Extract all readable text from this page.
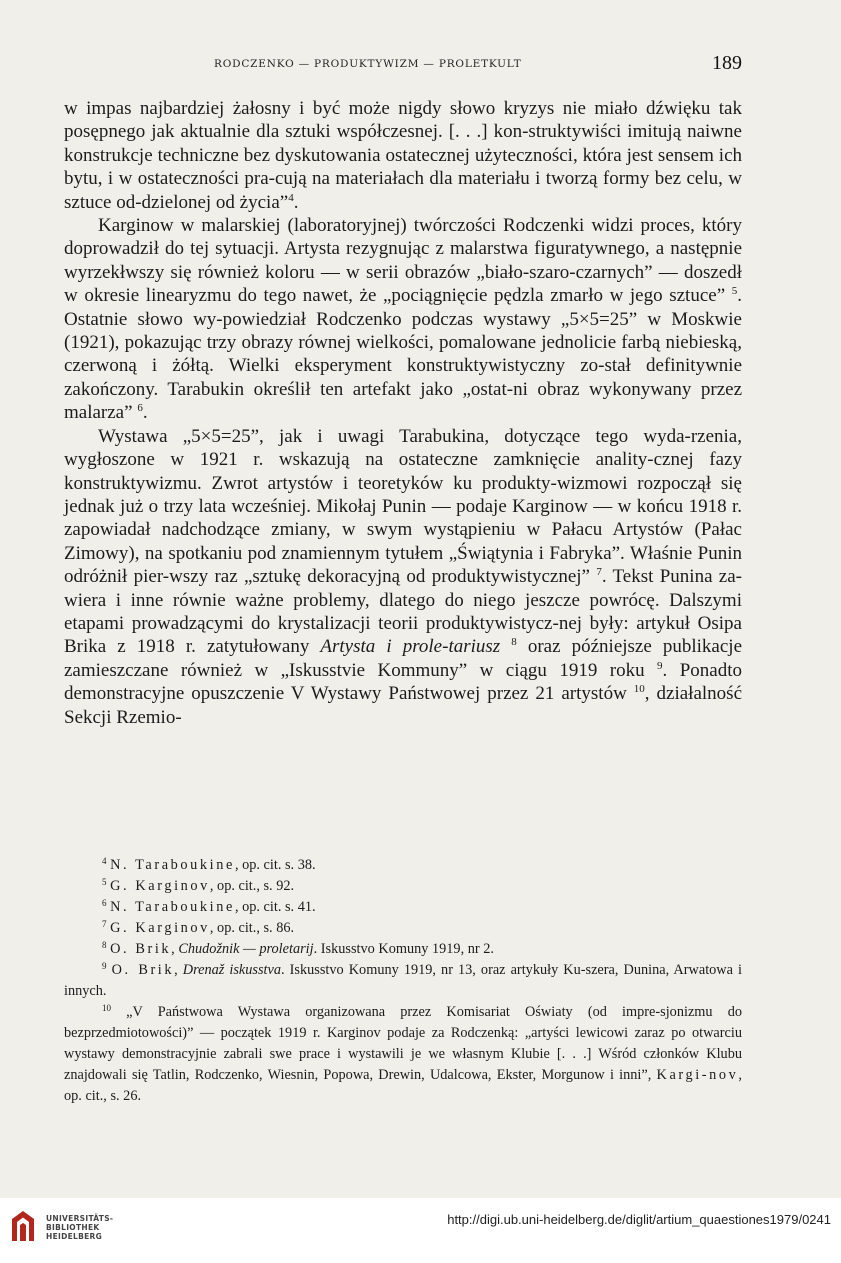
RODCZENKO — PRODUKTYWIZM — PROLETKULT	189

w impas najbardziej żałosny i być może nigdy słowo kryzys nie miało dźwięku tak posępnego jak aktualnie dla sztuki współczesnej. [. . .] kon-struktywiści imitują naiwne konstrukcje techniczne bez dyskutowania ostatecznej użyteczności, która jest sensem ich bytu, i w ostateczności pra-cują na materiałach dla materiału i tworzą formy bez celu, w sztuce od-dzielonej od życia”$^4$.

Karginow w malarskiej (laboratoryjnej) twórczości Rodczenki widzi proces, który doprowadził do tej sytuacji. Artysta rezygnując z malarstwa figuratywnego, a następnie wyrzekłwszy się również koloru — w serii obrazów „biało-szaro-czarnych” — doszedł w okresie linearyzmu do tego nawet, że „pociągnięcie pędzla zmarło w jego sztuce” $^5$. Ostatnie słowo wy-powiedział Rodczenko podczas wystawy „5×5=25” w Moskwie (1921), pokazując trzy obrazy równej wielkości, pomalowane jednolicie farbą niebieską, czerwoną i żółtą. Wielki eksperyment konstruktywistyczny zo-stał definitywnie zakończony. Tarabukin określił ten artefakt jako „ostat-ni obraz wykonywany przez malarza” $^6$.

Wystawa „5×5=25”, jak i uwagi Tarabukina, dotyczące tego wyda-rzenia, wygłoszone w 1921 r. wskazują na ostateczne zamknięcie anality-cznej fazy konstruktywizmu. Zwrot artystów i teoretyków ku produkty-wizmowi rozpoczął się jednak już o trzy lata wcześniej. Mikołaj Punin — podaje Karginow — w końcu 1918 r. zapowiadał nadchodzące zmiany, w swym wystąpieniu w Pałacu Artystów (Pałac Zimowy), na spotkaniu pod znamiennym tytułem „Świątynia i Fabryka”. Właśnie Punin odróżnił pier-wszy raz „sztukę dekoracyjną od produktywistycznej” $^7$. Tekst Punina za-wiera i inne równie ważne problemy, dlatego do niego jeszcze powrócę. Dalszymi etapami prowadzącymi do krystalizacji teorii produktywistycz-nej były: artykuł Osipa Brika z 1918 r. zatytułowany Artysta i prole-tariusz $^8$ oraz późniejsze publikacje zamieszczane również w „Iskusstvie Kommuny” w ciągu 1919 roku $^9$. Ponadto demonstracyjne opuszczenie V Wystawy Państwowej przez 21 artystów $^{10}$, działalność Sekcji Rzemio-

$^4$ N. Taraboukine, op. cit. s. 38.

$^5$ G. Karginov, op. cit., s. 92.

$^6$ N. Taraboukine, op. cit. s. 41.

$^7$ G. Karginov, op. cit., s. 86.

$^8$ O. Brik, Chudožnik — proletarij. Iskusstvo Komuny 1919, nr 2.

$^9$ O. Brik, Drenaž iskusstva. Iskusstvo Komuny 1919, nr 13, oraz artykuły Ku-szera, Dunina, Arwatowa i innych.

$^{10}$ „V Państwowa Wystawa organizowana przez Komisariat Oświaty (od impre-sjonizmu do bezprzedmiotowości)” — początek 1919 r. Karginov podaje za Rodczenką: „artyści lewicowi zaraz po otwarciu wystawy demonstracyjnie zabrali swe prace i wystawili je we własnym Klubie [. . .] Wśród członków Klubu znajdowali się Tatlin, Rodczenko, Wiesnin, Popowa, Drewin, Udalcowa, Ekster, Morgunow i inni”, Kargi-nov, op. cit., s. 26.

UNIVERSITÄTS-
BIBLIOTHEK
HEIDELBERG
http://digi.ub.uni-heidelberg.de/diglit/artium_quaestiones1979/0241
